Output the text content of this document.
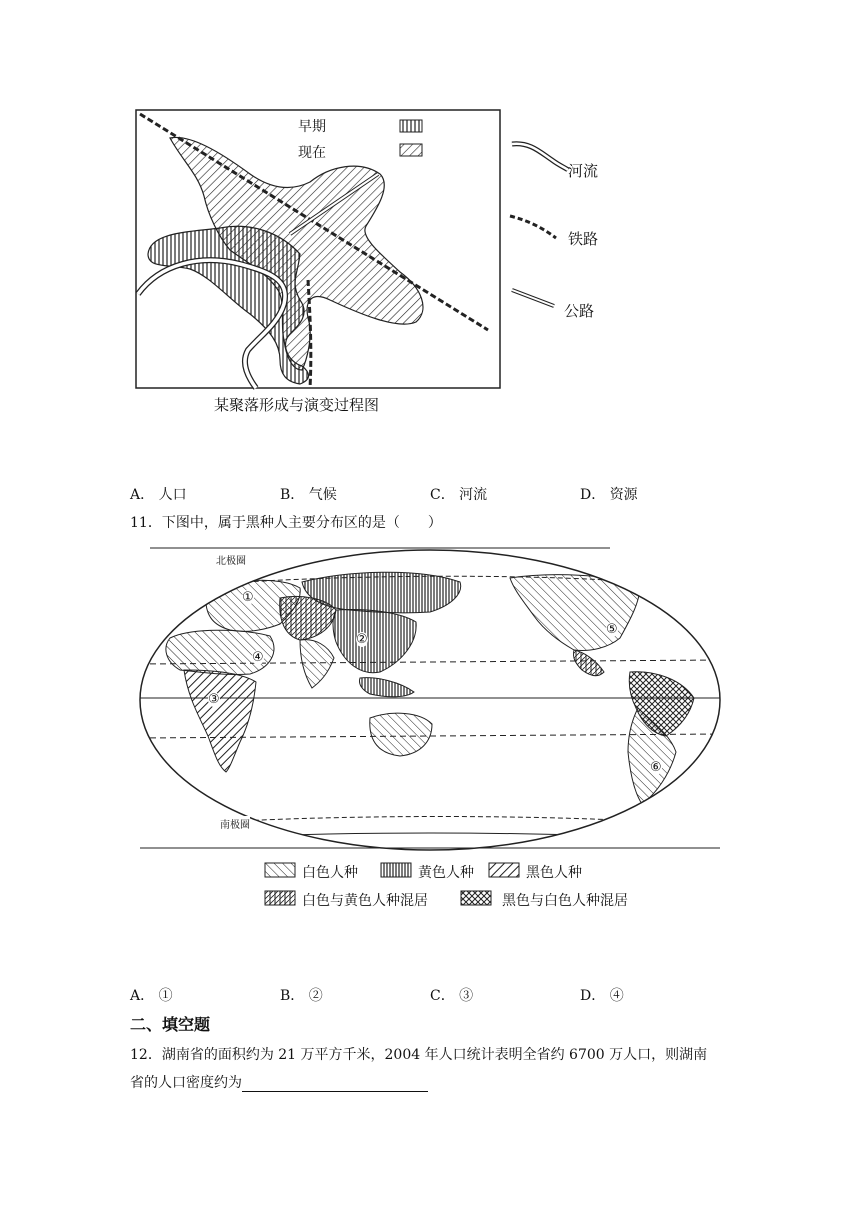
早期
现在
河流
铁路
公路
某聚落形成与演变过程图
A． 人口	B． 气候	C． 河流	D． 资源
11．下图中，属于黑种人主要分布区的是（　　）
北极圈
南极圈
①
②
③
④
⑤
⑥
白色人种	黄色人种	黑色人种
白色与黄色人种混居	黑色与白色人种混居
A． ①	B． ②	C． ③	D． ④
二、填空题
12．湖南省的面积约为 21 万平方千米，2004 年人口统计表明全省约 6700 万人口，则湖南
省的人口密度约为
